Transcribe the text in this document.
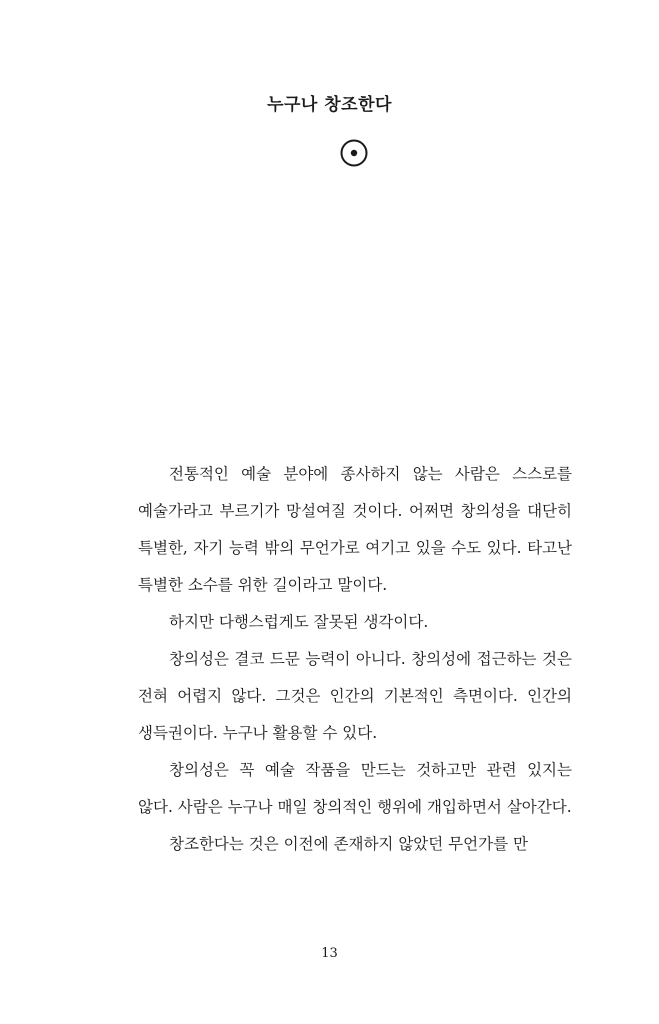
누구나 창조한다

전통적인 예술 분야에 종사하지 않는 사람은 스스로를 예술가라고 부르기가 망설여질 것이다. 어쩌면 창의성을 대단히 특별한, 자기 능력 밖의 무언가로 여기고 있을 수도 있다. 타고난 특별한 소수를 위한 길이라고 말이다.

하지만 다행스럽게도 잘못된 생각이다.

창의성은 결코 드문 능력이 아니다. 창의성에 접근하는 것은 전혀 어렵지 않다. 그것은 인간의 기본적인 측면이다. 인간의 생득권이다. 누구나 활용할 수 있다.

창의성은 꼭 예술 작품을 만드는 것하고만 관련 있지는 않다. 사람은 누구나 매일 창의적인 행위에 개입하면서 살아간다.

창조한다는 것은 이전에 존재하지 않았던 무언가를 만

13
